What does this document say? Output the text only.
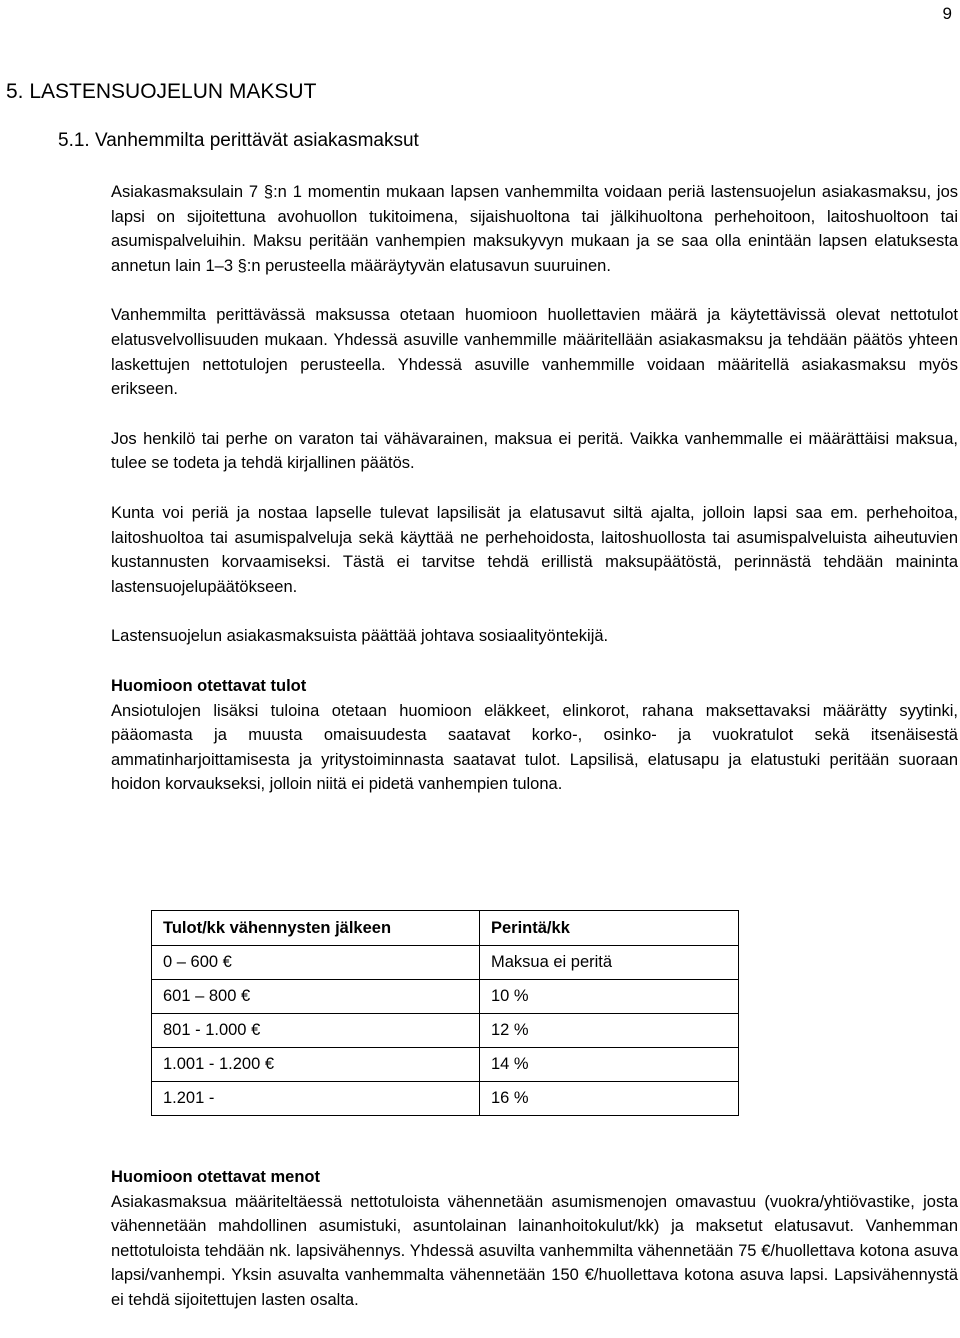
9
5. LASTENSUOJELUN MAKSUT
5.1. Vanhemmilta perittävät asiakasmaksut

Asiakasmaksulain 7 §:n 1 momentin mukaan lapsen vanhemmilta voidaan periä lastensuojelun asiakasmaksu, jos lapsi on sijoitettuna avohuollon tukitoimena, sijaishuoltona tai jälkihuoltona perhehoitoon, laitoshuoltoon tai asumispalveluihin. Maksu peritään vanhempien maksukyvyn mukaan ja se saa olla enintään lapsen elatuksesta annetun lain 1–3 §:n perusteella määräytyvän elatusavun suuruinen.

Vanhemmilta perittävässä maksussa otetaan huomioon huollettavien määrä ja käytettävissä olevat nettotulot elatusvelvollisuuden mukaan. Yhdessä asuville vanhemmille määritellään asiakasmaksu ja tehdään päätös yhteen laskettujen nettotulojen perusteella. Yhdessä asuville vanhemmille voidaan määritellä asiakasmaksu myös erikseen.

Jos henkilö tai perhe on varaton tai vähävarainen, maksua ei peritä. Vaikka vanhemmalle ei määrättäisi maksua, tulee se todeta ja tehdä kirjallinen päätös.

Kunta voi periä ja nostaa lapselle tulevat lapsilisät ja elatusavut siltä ajalta, jolloin lapsi saa em. perhehoitoa, laitoshuoltoa tai asumispalveluja sekä käyttää ne perhehoidosta, laitoshuollosta tai asumispalveluista aiheutuvien kustannusten korvaamiseksi. Tästä ei tarvitse tehdä erillistä maksupäätöstä, perinnästä tehdään maininta lastensuojelupäätökseen.

Lastensuojelun asiakasmaksuista päättää johtava sosiaalityöntekijä.

Huomioon otettavat tulot

Ansiotulojen lisäksi tuloina otetaan huomioon eläkkeet, elinkorot, rahana maksettavaksi määrätty syytinki, pääomasta ja muusta omaisuudesta saatavat korko-, osinko- ja vuokratulot sekä itsenäisestä ammatinharjoittamisesta ja yritystoiminnasta saatavat tulot. Lapsilisä, elatusapu ja elatustuki peritään suoraan hoidon korvaukseksi, jolloin niitä ei pidetä vanhempien tulona.

Tulot/kk vähennysten jälkeen	Perintä/kk
0 – 600 €	Maksua ei peritä
601 – 800 €	10 %
801 - 1.000 €	12 %
1.001 - 1.200 €	14 %
1.201 -	16 %

Huomioon otettavat menot

Asiakasmaksua määriteltäessä nettotuloista vähennetään asumismenojen omavastuu (vuokra/yhtiövastike, josta vähennetään mahdollinen asumistuki, asuntolainan lainanhoitokulut/kk) ja maksetut elatusavut. Vanhemman nettotuloista tehdään nk. lapsivähennys. Yhdessä asuvilta vanhemmilta vähennetään 75 €/huollettava kotona asuva lapsi/vanhempi. Yksin asuvalta vanhemmalta vähennetään 150 €/huollettava kotona asuva lapsi. Lapsivähennystä ei tehdä sijoitettujen lasten osalta.
